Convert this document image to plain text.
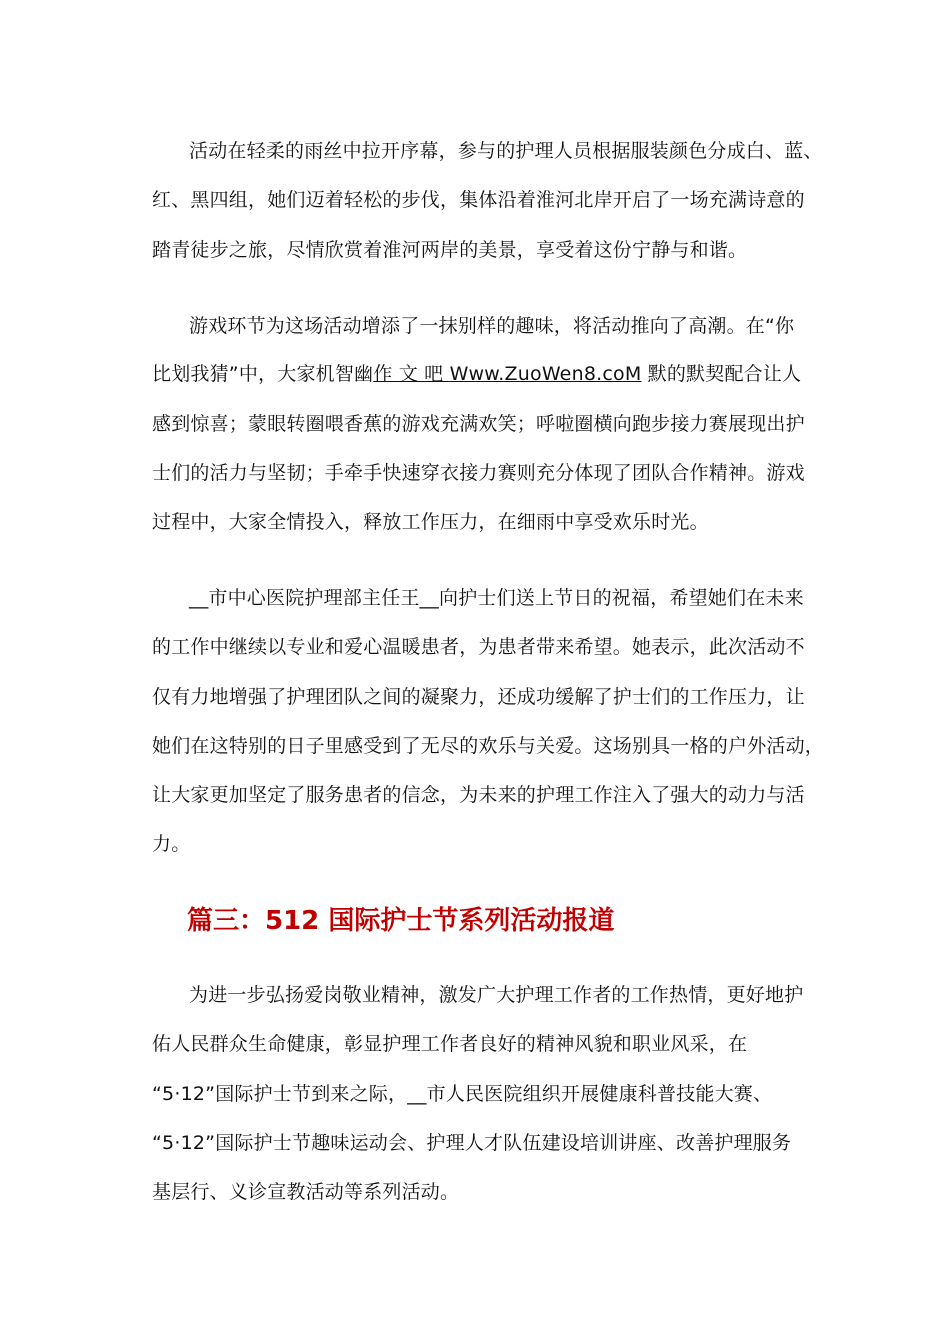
活动在轻柔的雨丝中拉开序幕，参与的护理人员根据服装颜色分成白、蓝、
红、黑四组，她们迈着轻松的步伐，集体沿着淮河北岸开启了一场充满诗意的
踏青徒步之旅，尽情欣赏着淮河两岸的美景，享受着这份宁静与和谐。
游戏环节为这场活动增添了一抹别样的趣味，将活动推向了高潮。在“你
比划我猜”中，大家机智幽作 文 吧 Www.ZuoWen8.coM 默的默契配合让人
感到惊喜；蒙眼转圈喂香蕉的游戏充满欢笑；呼啦圈横向跑步接力赛展现出护
士们的活力与坚韧；手牵手快速穿衣接力赛则充分体现了团队合作精神。游戏
过程中，大家全情投入，释放工作压力，在细雨中享受欢乐时光。
__市中心医院护理部主任王__向护士们送上节日的祝福，希望她们在未来
的工作中继续以专业和爱心温暖患者，为患者带来希望。她表示，此次活动不
仅有力地增强了护理团队之间的凝聚力，还成功缓解了护士们的工作压力，让
她们在这特别的日子里感受到了无尽的欢乐与关爱。这场别具一格的户外活动，
让大家更加坚定了服务患者的信念，为未来的护理工作注入了强大的动力与活
力。
篇三：512 国际护士节系列活动报道
为进一步弘扬爱岗敬业精神，激发广大护理工作者的工作热情，更好地护
佑人民群众生命健康，彰显护理工作者良好的精神风貌和职业风采，在
“5·12”国际护士节到来之际，__市人民医院组织开展健康科普技能大赛、
“5·12”国际护士节趣味运动会、护理人才队伍建设培训讲座、改善护理服务
基层行、义诊宣教活动等系列活动。
